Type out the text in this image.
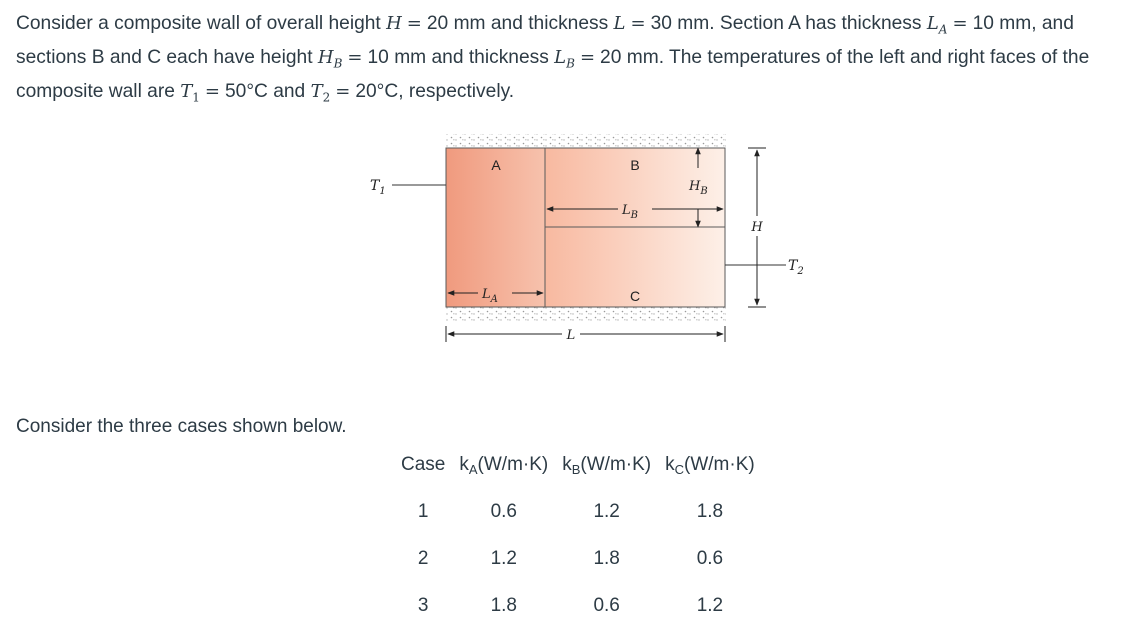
Consider a composite wall of overall height H = 20 mm and thickness L = 30 mm. Section A has thickness $L_A = 10$ mm, and sections B and C each have height $H_B = 10$ mm and thickness $L_B = 20$ mm. The temperatures of the left and right faces of the composite wall are $T_1 = 50^\circ C$ and $T_2 = 20^\circ C$, respectively.

A	B
C
$T_1$
$T_2$
$H_B$
$L_B$
$L_A$
H
L

Consider the three cases shown below.

Case	$k_A(W/m\cdot K)$	$k_B(W/m\cdot K)$	$k_C(W/m\cdot K)$
1	0.6	1.2	1.8
2	1.2	1.8	0.6
3	1.8	0.6	1.2
